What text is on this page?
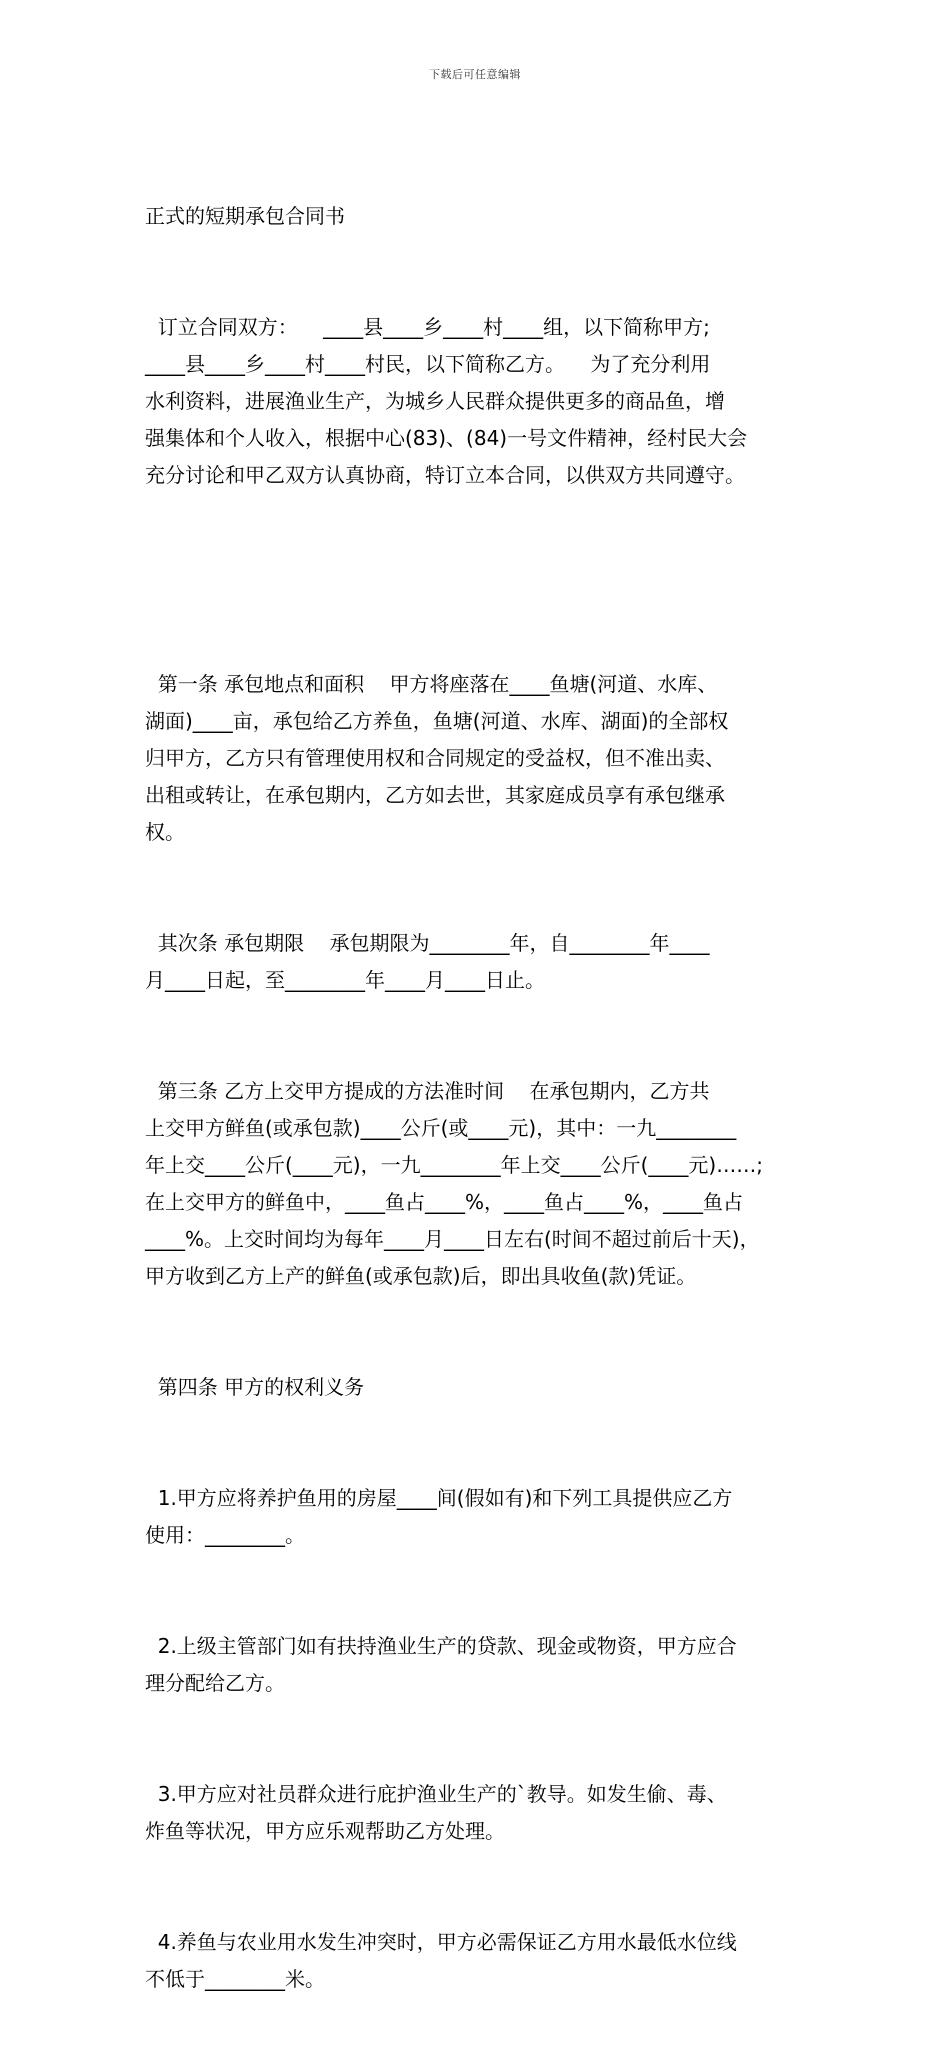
下载后可任意编辑

正式的短期承包合同书

订立合同双方：    ____县____乡____村____组，以下简称甲方;
____县____乡____村____村民，以下简称乙方。    为了充分利用
水利资料，进展渔业生产，为城乡人民群众提供更多的商品鱼，增
强集体和个人收入，根据中心(83)、(84)一号文件精神，经村民大会
充分讨论和甲乙双方认真协商，特订立本合同，以供双方共同遵守。

第一条 承包地点和面积    甲方将座落在____鱼塘(河道、水库、
湖面)____亩，承包给乙方养鱼，鱼塘(河道、水库、湖面)的全部权
归甲方，乙方只有管理使用权和合同规定的受益权，但不准出卖、
出租或转让，在承包期内，乙方如去世，其家庭成员享有承包继承
权。

其次条 承包期限    承包期限为________年，自________年____
月____日起，至________年____月____日止。

第三条 乙方上交甲方提成的方法准时间    在承包期内，乙方共
上交甲方鲜鱼(或承包款)____公斤(或____元)，其中：一九________
年上交____公斤(____元)，一九________年上交____公斤(____元)……;
在上交甲方的鲜鱼中，____鱼占____%，____鱼占____%，____鱼占
____%。上交时间均为每年____月____日左右(时间不超过前后十天)，
甲方收到乙方上产的鲜鱼(或承包款)后，即出具收鱼(款)凭证。

第四条 甲方的权利义务

1.甲方应将养护鱼用的房屋____间(假如有)和下列工具提供应乙方
使用：________。

2.上级主管部门如有扶持渔业生产的贷款、现金或物资，甲方应合
理分配给乙方。

3.甲方应对社员群众进行庇护渔业生产的`教导。如发生偷、毒、
炸鱼等状况，甲方应乐观帮助乙方处理。

4.养鱼与农业用水发生冲突时，甲方必需保证乙方用水最低水位线
不低于________米。
